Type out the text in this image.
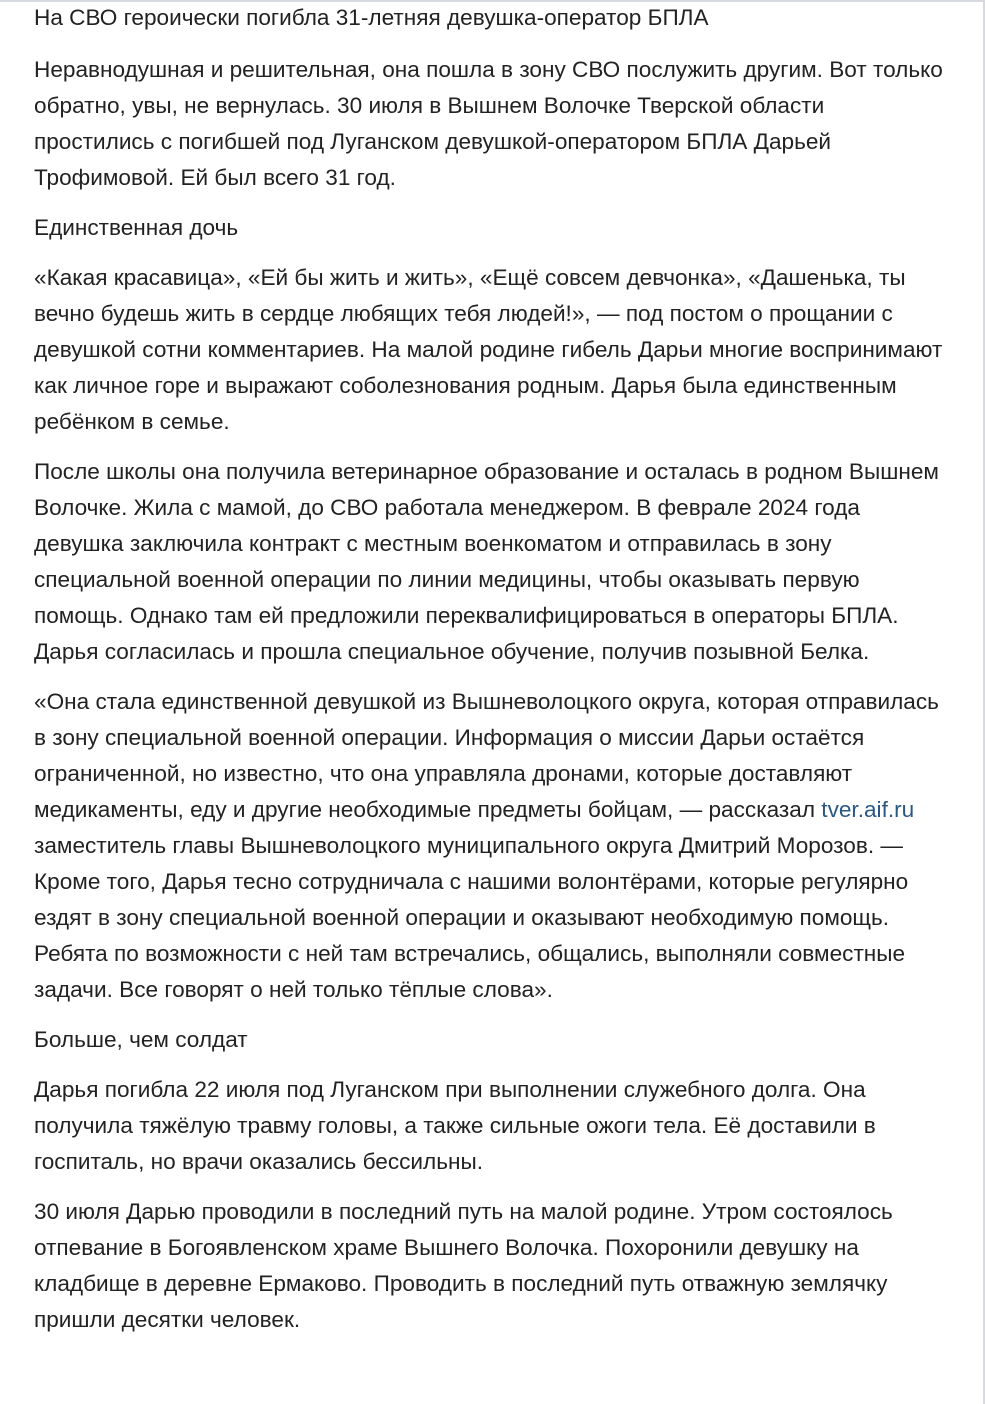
На СВО героически погибла 31-летняя девушка-оператор БПЛА

Неравнодушная и решительная, она пошла в зону СВО послужить другим. Вот только обратно, увы, не вернулась. 30 июля в Вышнем Волочке Тверской области простились с погибшей под Луганском девушкой-оператором БПЛА Дарьей Трофимовой. Ей был всего 31 год.

Единственная дочь

«Какая красавица», «Ей бы жить и жить», «Ещё совсем девчонка», «Дашенька, ты вечно будешь жить в сердце любящих тебя людей!», — под постом о прощании с девушкой сотни комментариев. На малой родине гибель Дарьи многие воспринимают как личное горе и выражают соболезнования родным. Дарья была единственным ребёнком в семье.

После школы она получила ветеринарное образование и осталась в родном Вышнем Волочке. Жила с мамой, до СВО работала менеджером. В феврале 2024 года девушка заключила контракт с местным военкоматом и отправилась в зону специальной военной операции по линии медицины, чтобы оказывать первую помощь. Однако там ей предложили переквалифицироваться в операторы БПЛА. Дарья согласилась и прошла специальное обучение, получив позывной Белка.

«Она стала единственной девушкой из Вышневолоцкого округа, которая отправилась в зону специальной военной операции. Информация о миссии Дарьи остаётся ограниченной, но известно, что она управляла дронами, которые доставляют медикаменты, еду и другие необходимые предметы бойцам, — рассказал tver.aif.ru заместитель главы Вышневолоцкого муниципального округа Дмитрий Морозов. — Кроме того, Дарья тесно сотрудничала с нашими волонтёрами, которые регулярно ездят в зону специальной военной операции и оказывают необходимую помощь. Ребята по возможности с ней там встречались, общались, выполняли совместные задачи. Все говорят о ней только тёплые слова».

Больше, чем солдат

Дарья погибла 22 июля под Луганском при выполнении служебного долга. Она получила тяжёлую травму головы, а также сильные ожоги тела. Её доставили в госпиталь, но врачи оказались бессильны.

30 июля Дарью проводили в последний путь на малой родине. Утром состоялось отпевание в Богоявленском храме Вышнего Волочка. Похоронили девушку на кладбище в деревне Ермаково. Проводить в последний путь отважную землячку пришли десятки человек.
